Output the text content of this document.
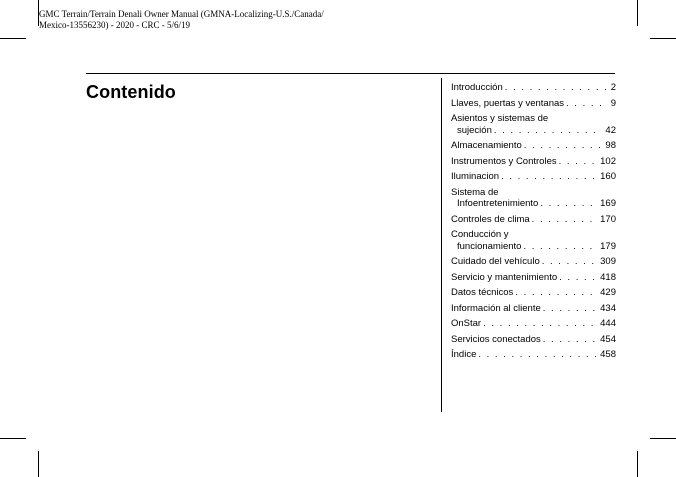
GMC Terrain/Terrain Denali Owner Manual (GMNA-Localizing-U.S./Canada/
Mexico-13556230) - 2020 - CRC - 5/6/19
Contenido	Introducción . . .	2
Llaves, puertas y ventanas . . .	9
Asientos y sistemas de
sujeción . . .	42
Almacenamiento . . .	98
Instrumentos y Controles . . .	102
Iluminacion . . .	160
Sistema de
Infoentretenimiento . . .	169
Controles de clima . . .	170
Conducción y
funcionamiento . . .	179
Cuidado del vehículo . . .	309
Servicio y mantenimiento . . .	418
Datos técnicos . . .	429
Información al cliente . . .	434
OnStar . . .	444
Servicios conectados . . .	454
Índice . . .	458
